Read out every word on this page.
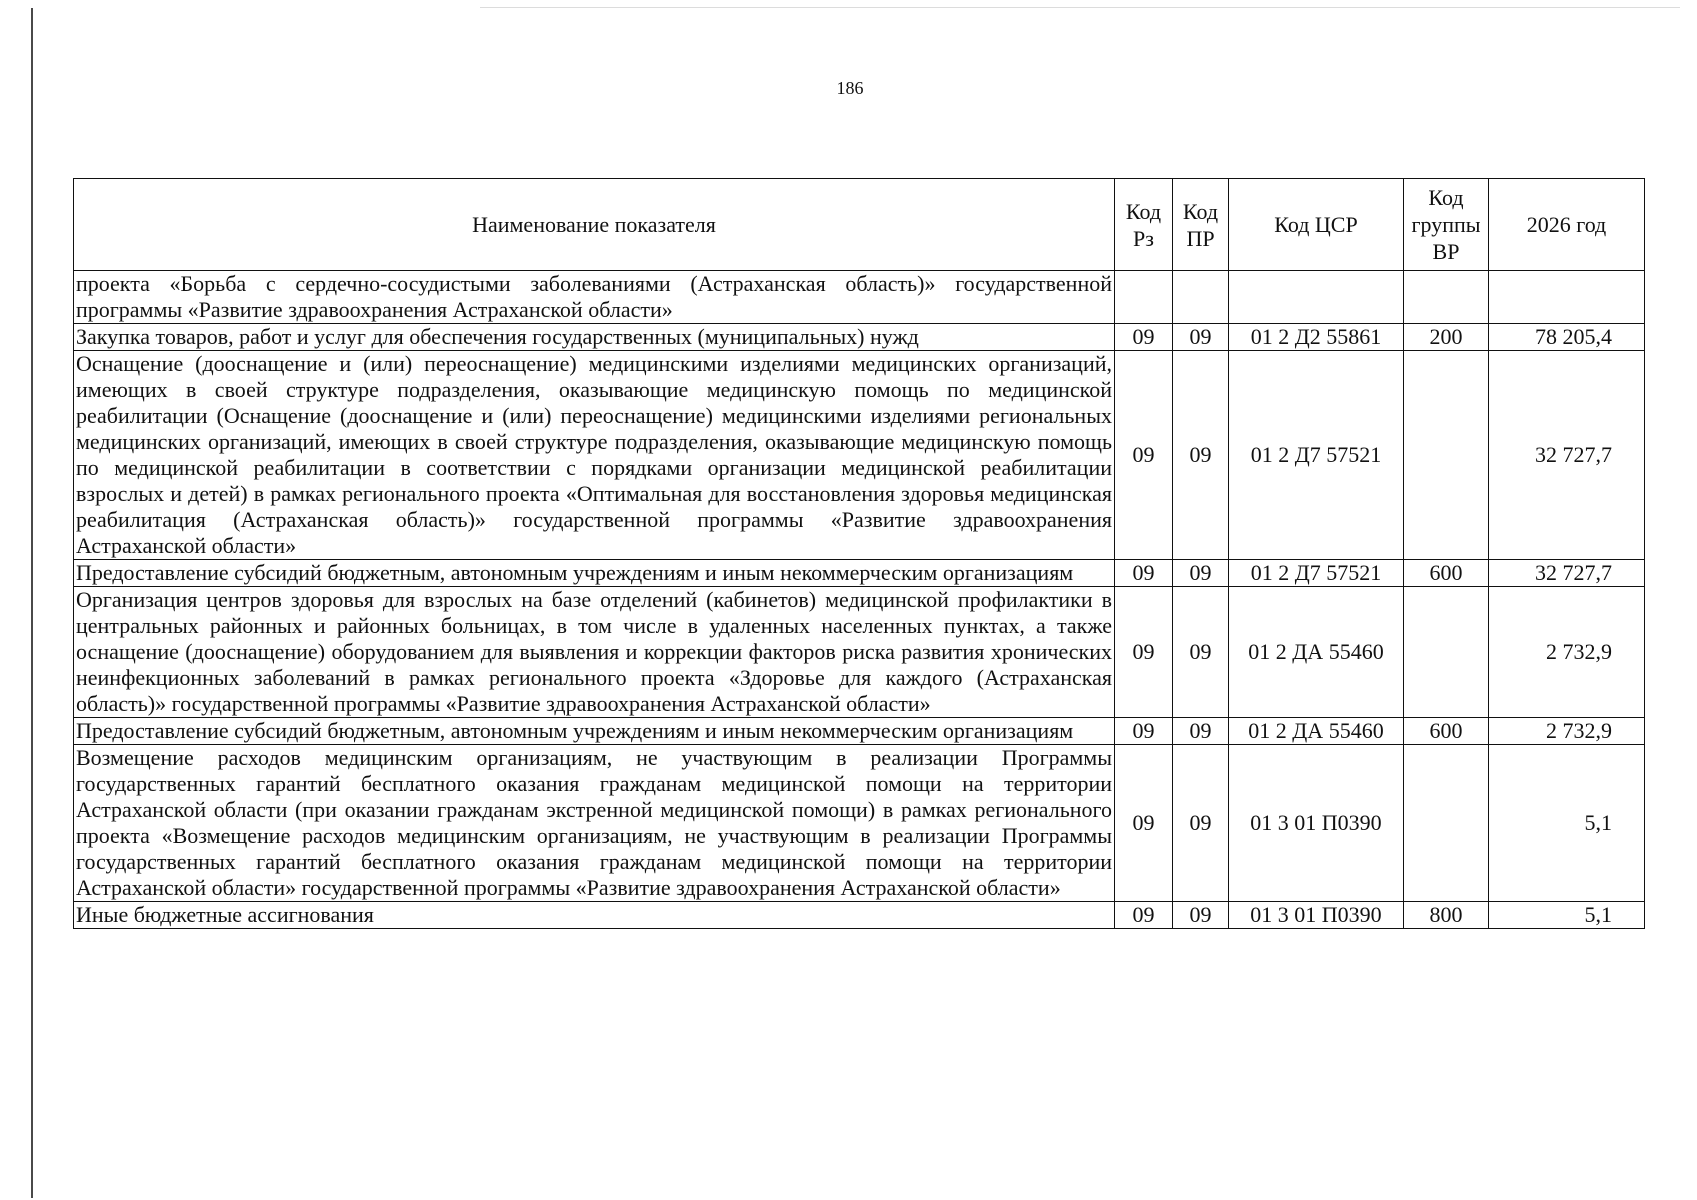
186
Наименование показателя	Код Рз	Код ПР	Код ЦСР	Код группы ВР	2026 год
проекта «Борьба с сердечно-сосудистыми заболеваниями (Астраханская область)» государственной программы «Развитие здравоохранения Астраханской области»					
Закупка товаров, работ и услуг для обеспечения государственных (муниципальных) нужд	09	09	01 2 Д2 55861	200	78 205,4
Оснащение (дооснащение и (или) переоснащение) медицинскими изделиями медицинских организаций, имеющих в своей структуре подразделения, оказывающие медицинскую помощь по медицинской реабилитации (Оснащение (дооснащение и (или) переоснащение) медицинскими изделиями региональных медицинских организаций, имеющих в своей структуре подразделения, оказывающие медицинскую помощь по медицинской реабилитации в соответствии с порядками организации медицинской реабилитации взрослых и детей) в рамках регионального проекта «Оптимальная для восстановления здоровья медицинская реабилитация (Астраханская область)» государственной программы «Развитие здравоохранения Астраханской области»	09	09	01 2 Д7 57521		32 727,7
Предоставление субсидий бюджетным, автономным учреждениям и иным некоммерческим организациям	09	09	01 2 Д7 57521	600	32 727,7
Организация центров здоровья для взрослых на базе отделений (кабинетов) медицинской профилактики в центральных районных и районных больницах, в том числе в удаленных населенных пунктах, а также оснащение (дооснащение) оборудованием для выявления и коррекции факторов риска развития хронических неинфекционных заболеваний в рамках регионального проекта «Здоровье для каждого (Астраханская область)» государственной программы «Развитие здравоохранения Астраханской области»	09	09	01 2 ДА 55460		2 732,9
Предоставление субсидий бюджетным, автономным учреждениям и иным некоммерческим организациям	09	09	01 2 ДА 55460	600	2 732,9
Возмещение расходов медицинским организациям, не участвующим в реализации Программы государственных гарантий бесплатного оказания гражданам медицинской помощи на территории Астраханской области (при оказании гражданам экстренной медицинской помощи) в рамках регионального проекта «Возмещение расходов медицинским организациям, не участвующим в реализации Программы государственных гарантий бесплатного оказания гражданам медицинской помощи на территории Астраханской области» государственной программы «Развитие здравоохранения Астраханской области»	09	09	01 3 01 П0390		5,1
Иные бюджетные ассигнования	09	09	01 3 01 П0390	800	5,1
